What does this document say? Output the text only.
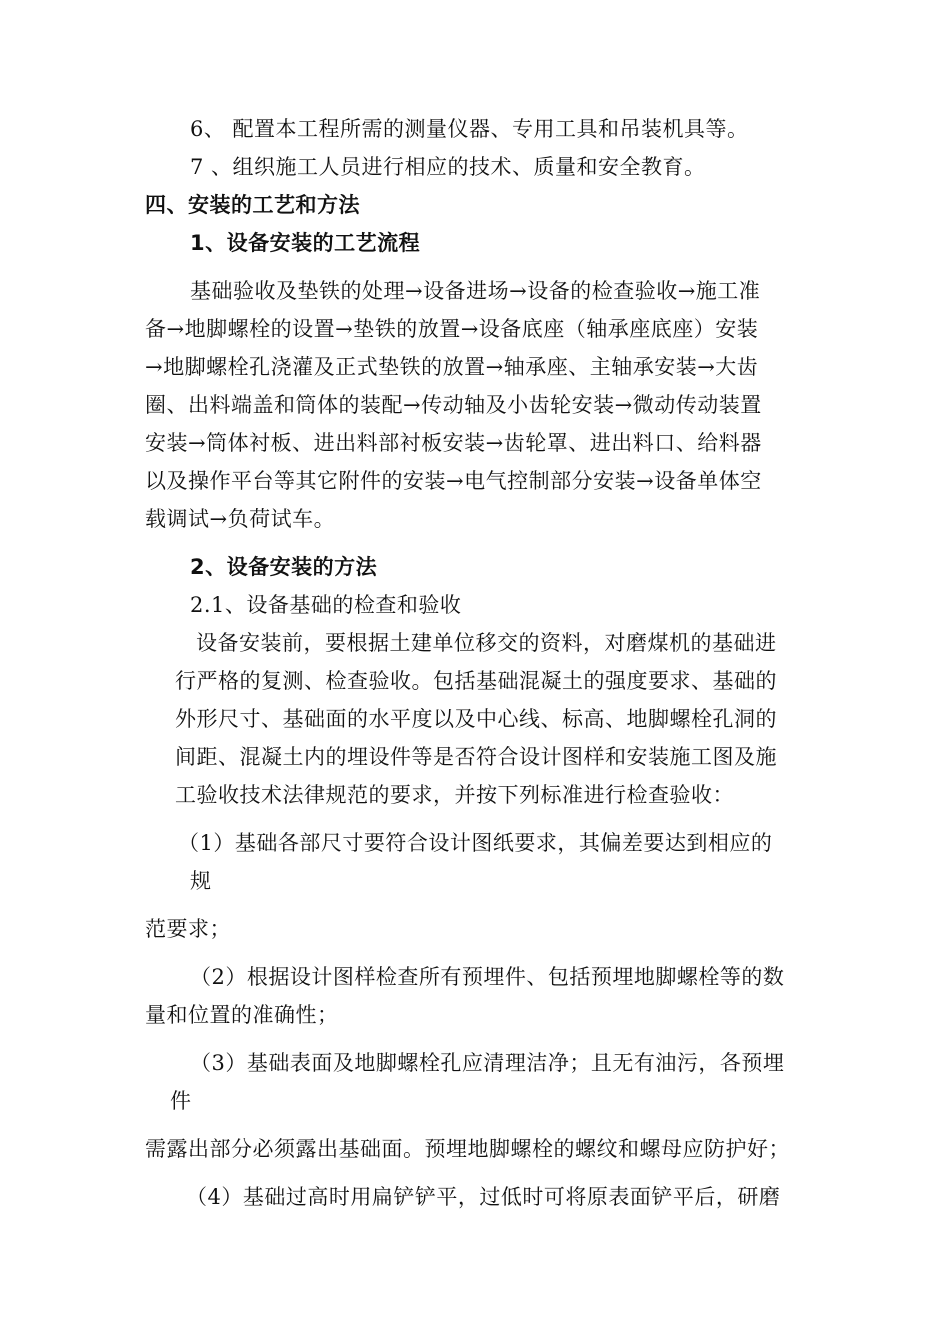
6、 配置本工程所需的测量仪器、专用工具和吊装机具等。
7 、组织施工人员进行相应的技术、质量和安全教育。
四、安装的工艺和方法
1、设备安装的工艺流程
基础验收及垫铁的处理→设备进场→设备的检查验收→施工准
备→地脚螺栓的设置→垫铁的放置→设备底座（轴承座底座）安装
→地脚螺栓孔浇灌及正式垫铁的放置→轴承座、主轴承安装→大齿
圈、出料端盖和筒体的装配→传动轴及小齿轮安装→微动传动装置
安装→筒体衬板、进出料部衬板安装→齿轮罩、进出料口、给料器
以及操作平台等其它附件的安装→电气控制部分安装→设备单体空
载调试→负荷试车。
2、设备安装的方法
2.1、设备基础的检查和验收
设备安装前，要根据土建单位移交的资料，对磨煤机的基础进
行严格的复测、检查验收。包括基础混凝土的强度要求、基础的
外形尺寸、基础面的水平度以及中心线、标高、地脚螺栓孔洞的
间距、混凝土内的埋设件等是否符合设计图样和安装施工图及施
工验收技术法律规范的要求，并按下列标准进行检查验收：
（1）基础各部尺寸要符合设计图纸要求，其偏差要达到相应的
规
范要求；
（2）根据设计图样检查所有预埋件、包括预埋地脚螺栓等的数
量和位置的准确性；
（3）基础表面及地脚螺栓孔应清理洁净；且无有油污，各预埋
件
需露出部分必须露出基础面。预埋地脚螺栓的螺纹和螺母应防护好；
（4）基础过高时用扁铲铲平，过低时可将原表面铲平后，研磨
